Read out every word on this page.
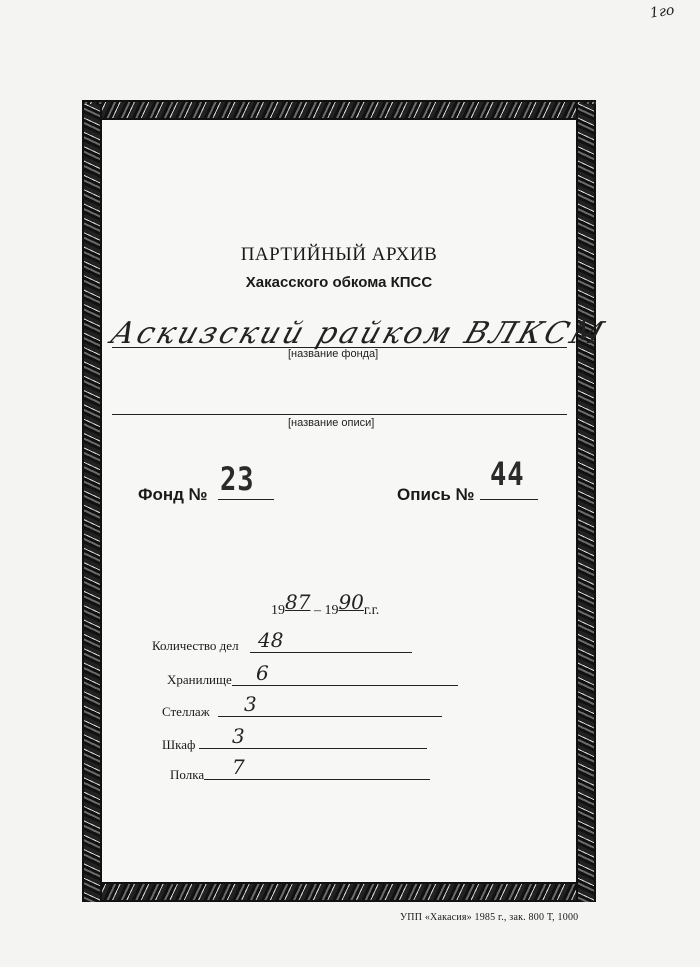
1го
ПАРТИЙНЫЙ АРХИВ
Хакасского обкома КПСС
Аскизский райком ВЛКСМ
[название фонда]
[название описи]
Фонд № 23	Опись №
44
1987 – 1990г.г.
Количество дел 48
Хранилище 6
Стеллаж 3
Шкаф 3
Полка 7
УПП «Хакасия» 1985 г., зак. 800 Т, 1000
